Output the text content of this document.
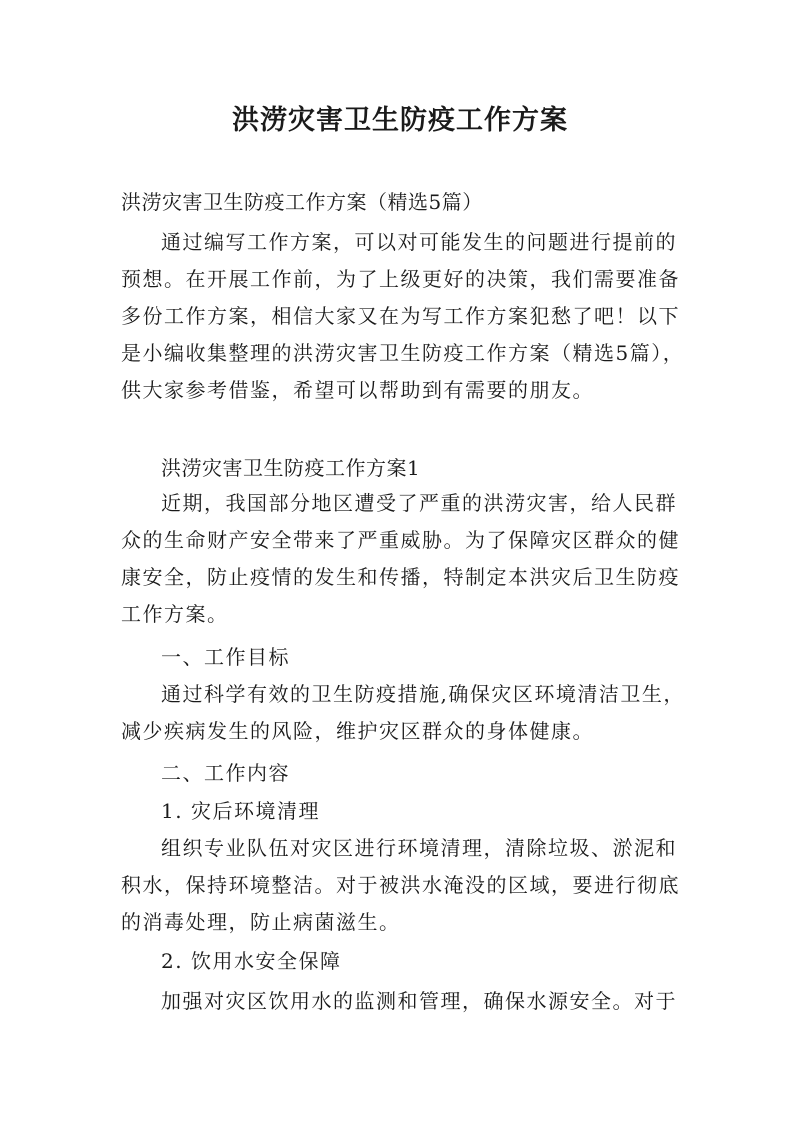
洪涝灾害卫生防疫工作方案
洪涝灾害卫生防疫工作方案（精选5篇）
通过编写工作方案，可以对可能发生的问题进行提前的
预想。在开展工作前，为了上级更好的决策，我们需要准备
多份工作方案，相信大家又在为写工作方案犯愁了吧！以下
是小编收集整理的洪涝灾害卫生防疫工作方案（精选5篇），
供大家参考借鉴，希望可以帮助到有需要的朋友。
洪涝灾害卫生防疫工作方案1
近期，我国部分地区遭受了严重的洪涝灾害，给人民群
众的生命财产安全带来了严重威胁。为了保障灾区群众的健
康安全，防止疫情的发生和传播，特制定本洪灾后卫生防疫
工作方案。
一、工作目标
通过科学有效的卫生防疫措施,确保灾区环境清洁卫生，
减少疾病发生的风险，维护灾区群众的身体健康。
二、工作内容
1. 灾后环境清理
组织专业队伍对灾区进行环境清理，清除垃圾、淤泥和
积水，保持环境整洁。对于被洪水淹没的区域，要进行彻底
的消毒处理，防止病菌滋生。
2. 饮用水安全保障
加强对灾区饮用水的监测和管理，确保水源安全。对于
